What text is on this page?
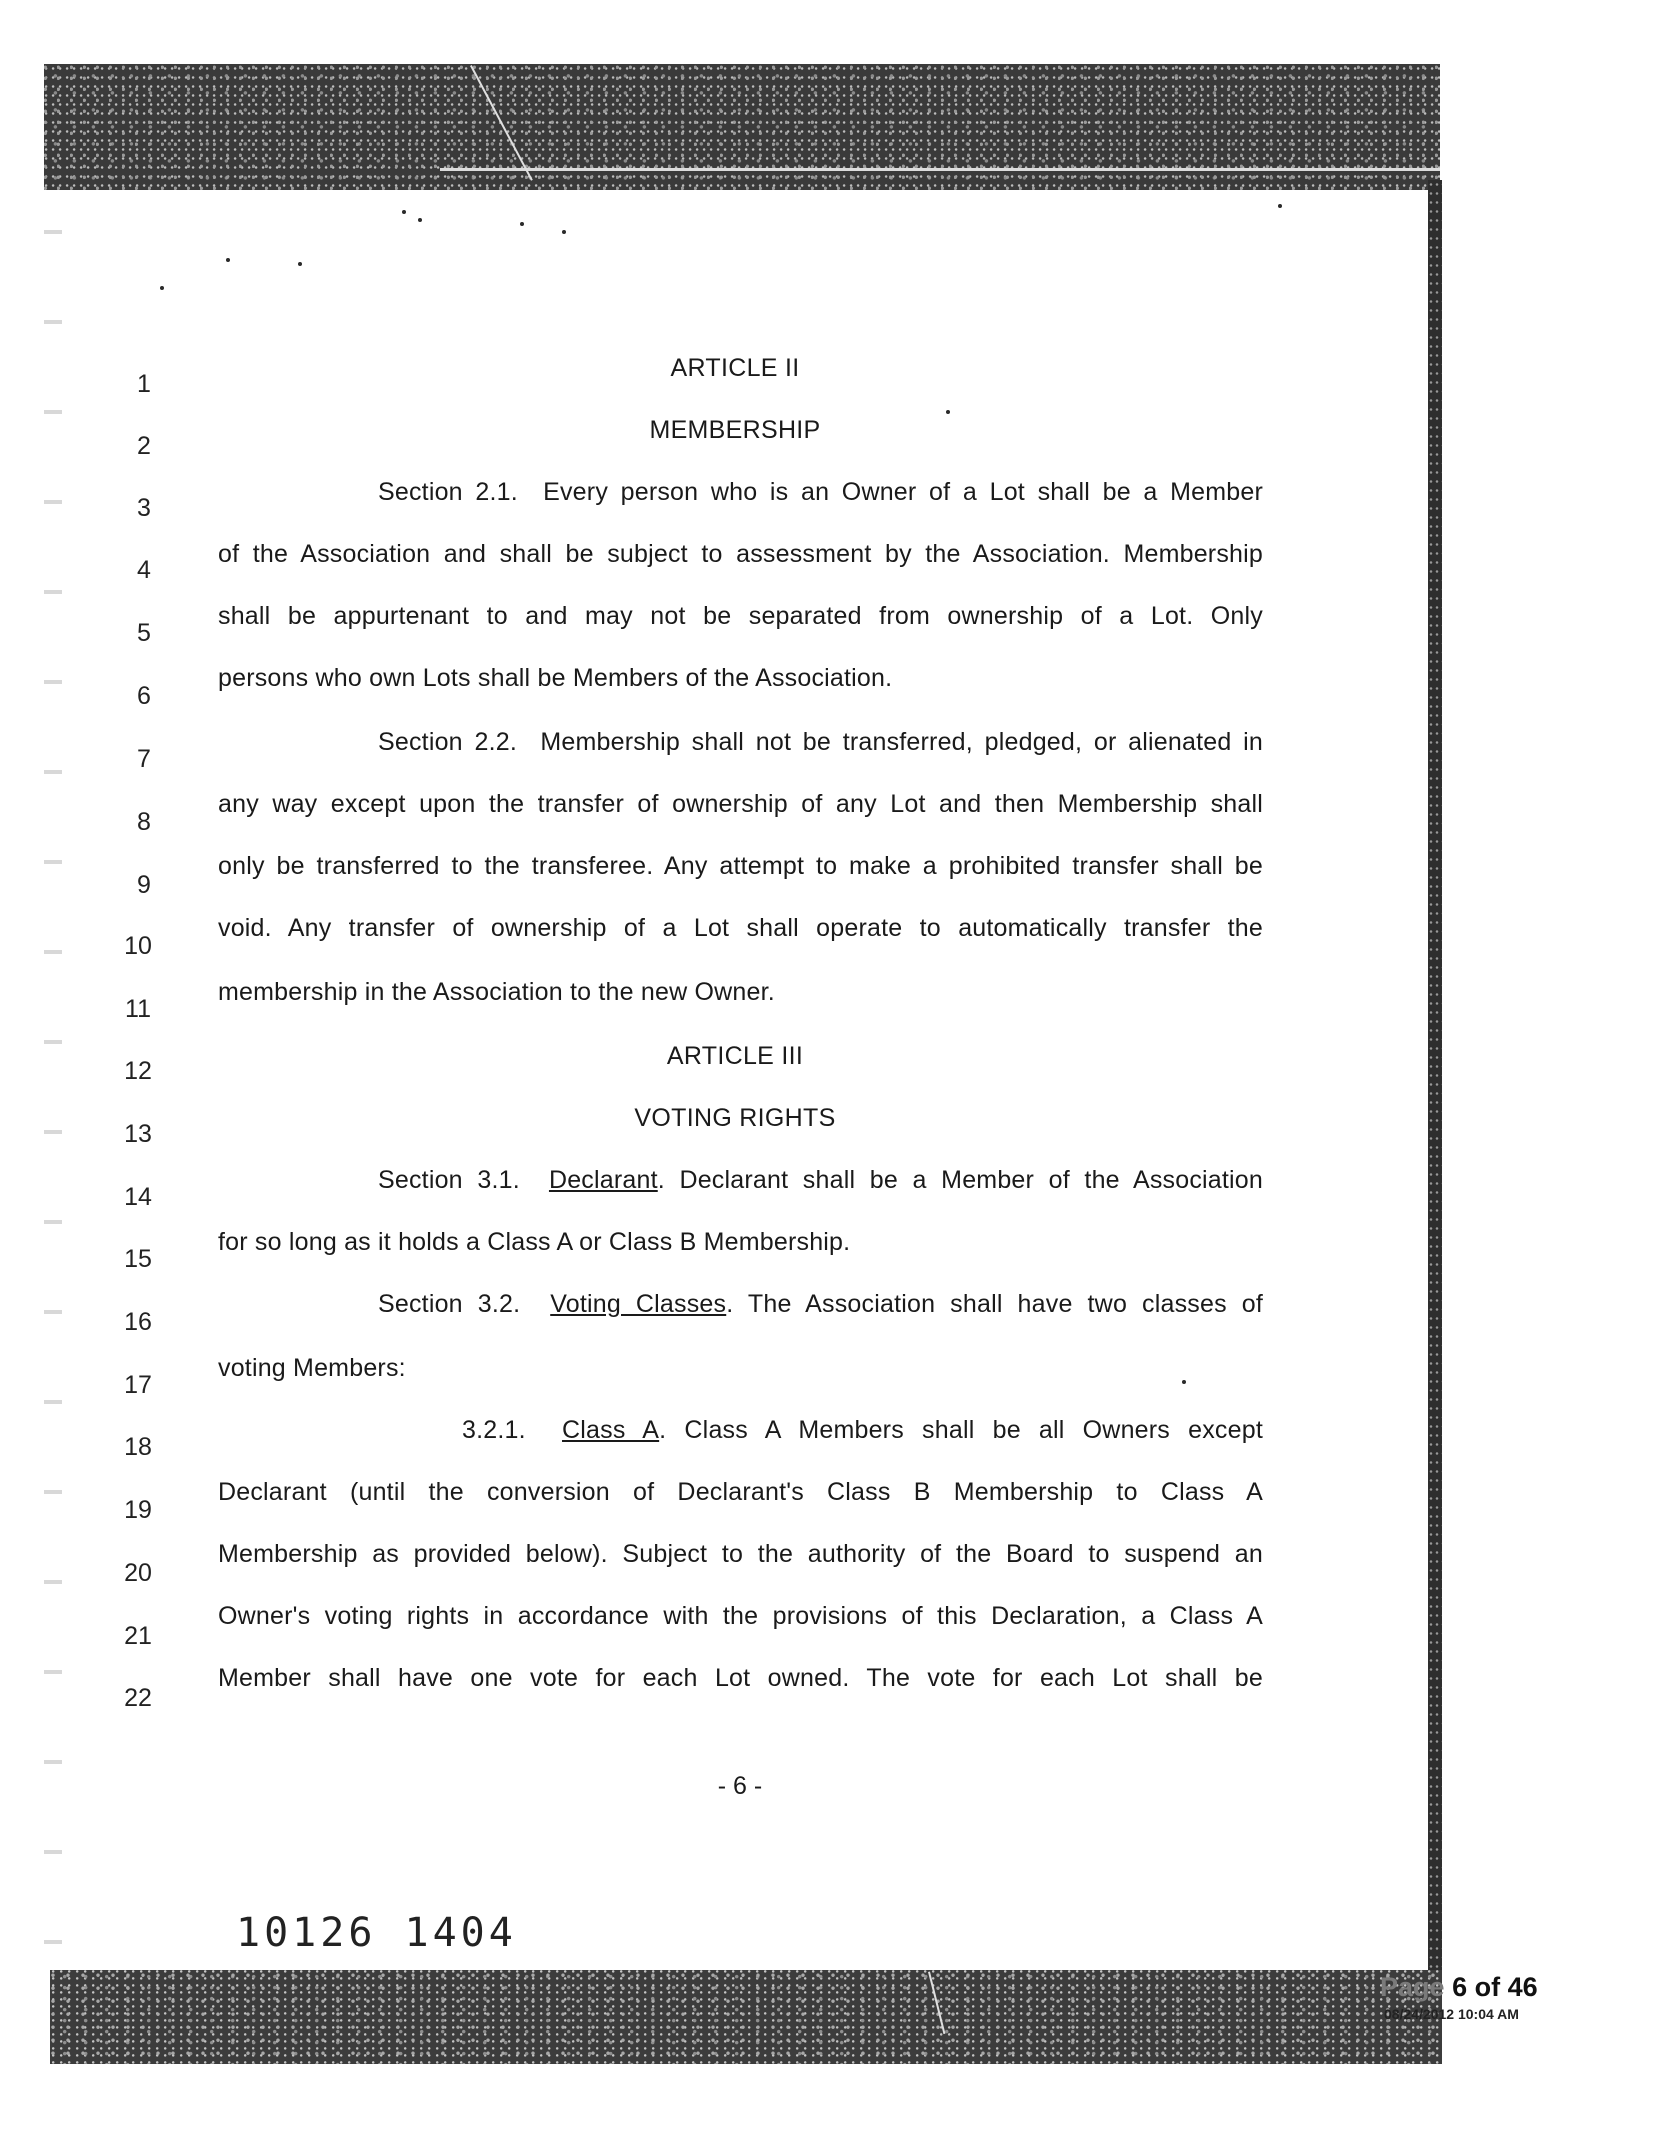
1
2
3
4
5
6
7
8
9
10
11
12
13
14
15
16
17
18
19
20
21
22
ARTICLE II
MEMBERSHIP
Section 2.1. Every person who is an Owner of a Lot shall be a Member
of the Association and shall be subject to assessment by the Association. Membership
shall be appurtenant to and may not be separated from ownership of a Lot. Only
persons who own Lots shall be Members of the Association.
Section 2.2. Membership shall not be transferred, pledged, or alienated in
any way except upon the transfer of ownership of any Lot and then Membership shall
only be transferred to the transferee. Any attempt to make a prohibited transfer shall be
void. Any transfer of ownership of a Lot shall operate to automatically transfer the
membership in the Association to the new Owner.
ARTICLE III
VOTING RIGHTS
Section 3.1. Declarant. Declarant shall be a Member of the Association
for so long as it holds a Class A or Class B Membership.
Section 3.2. Voting Classes. The Association shall have two classes of
voting Members:
3.2.1. Class A. Class A Members shall be all Owners except
Declarant (until the conversion of Declarant's Class B Membership to Class A
Membership as provided below). Subject to the authority of the Board to suspend an
Owner's voting rights in accordance with the provisions of this Declaration, a Class A
Member shall have one vote for each Lot owned. The vote for each Lot shall be
- 6 -
10126 1404
Page 6 of 46
08/24/2012 10:04 AM
